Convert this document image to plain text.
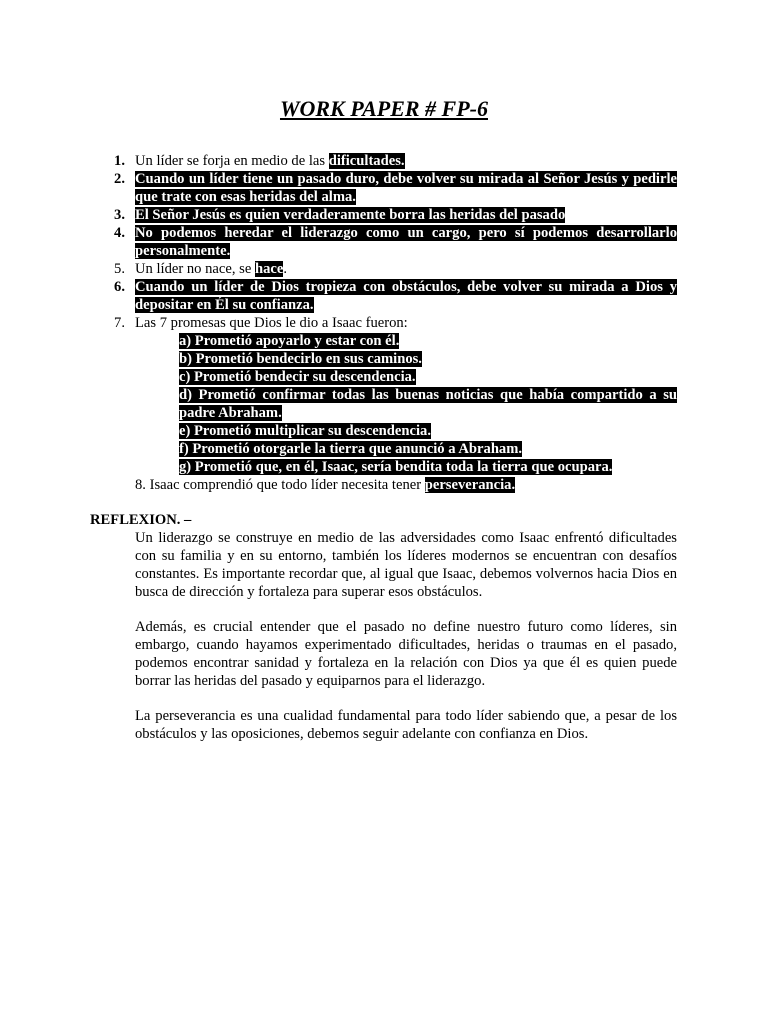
WORK PAPER # FP-6
1. Un líder se forja en medio de las dificultades.
2. Cuando un líder tiene un pasado duro, debe volver su mirada al Señor Jesús y pedirle que trate con esas heridas del alma.
3. El Señor Jesús es quien verdaderamente borra las heridas del pasado
4. No podemos heredar el liderazgo como un cargo, pero sí podemos desarrollarlo personalmente.
5. Un líder no nace, se hace.
6. Cuando un líder de Dios tropieza con obstáculos, debe volver su mirada a Dios y depositar en Él su confianza.
7. Las 7 promesas que Dios le dio a Isaac fueron:
a) Prometió apoyarlo y estar con él.
b) Prometió bendecirlo en sus caminos.
c) Prometió bendecir su descendencia.
d) Prometió confirmar todas las buenas noticias que había compartido a su padre Abraham.
e) Prometió multiplicar su descendencia.
f) Prometió otorgarle la tierra que anunció a Abraham.
g) Prometió que, en él, Isaac, sería bendita toda la tierra que ocupara.
8. Isaac comprendió que todo líder necesita tener perseverancia.
REFLEXION. –
Un liderazgo se construye en medio de las adversidades como Isaac enfrentó dificultades con su familia y en su entorno, también los líderes modernos se encuentran con desafíos constantes. Es importante recordar que, al igual que Isaac, debemos volvernos hacia Dios en busca de dirección y fortaleza para superar esos obstáculos.
Además, es crucial entender que el pasado no define nuestro futuro como líderes, sin embargo, cuando hayamos experimentado dificultades, heridas o traumas en el pasado, podemos encontrar sanidad y fortaleza en la relación con Dios ya que él es quien puede borrar las heridas del pasado y equiparnos para el liderazgo.
La perseverancia es una cualidad fundamental para todo líder sabiendo que, a pesar de los obstáculos y las oposiciones, debemos seguir adelante con confianza en Dios.
